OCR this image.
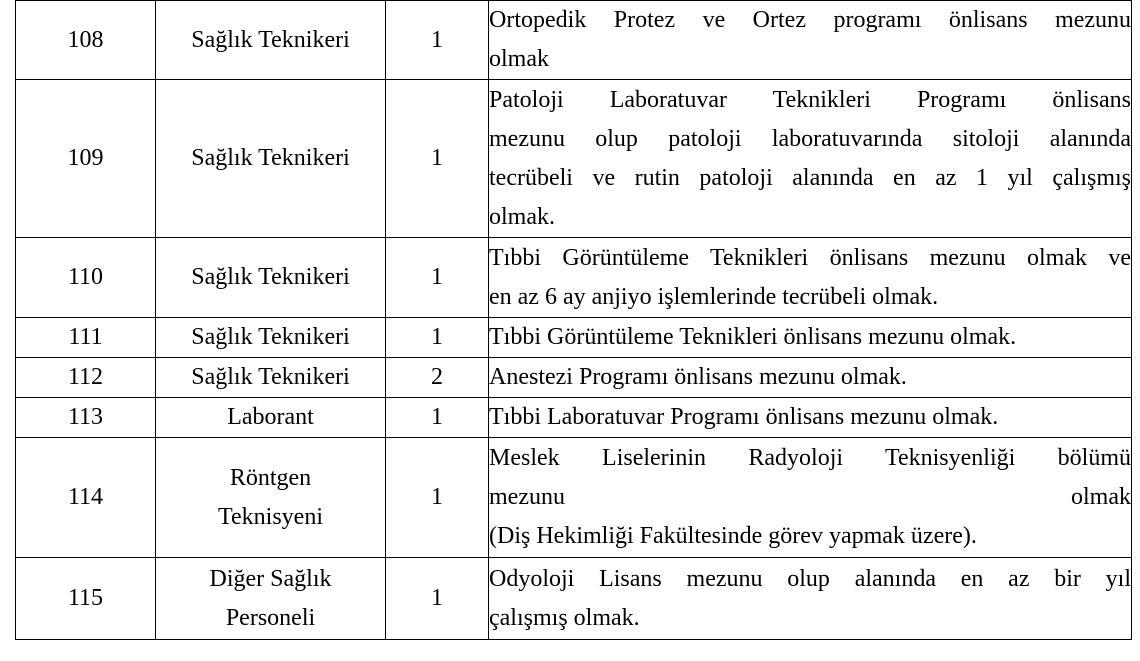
108	Sağlık Teknikeri	1	Ortopedik Protez ve Ortez programı önlisans mezunu
olmak

109	Sağlık Teknikeri	1	Patoloji Laboratuvar Teknikleri Programı önlisans
mezunu olup patoloji laboratuvarında sitoloji alanında
tecrübeli ve rutin patoloji alanında en az 1 yıl çalışmış
olmak.

110	Sağlık Teknikeri	1	Tıbbi Görüntüleme Teknikleri önlisans mezunu olmak ve
en az 6 ay anjiyo işlemlerinde tecrübeli olmak.

111	Sağlık Teknikeri	1	Tıbbi Görüntüleme Teknikleri önlisans mezunu olmak.

112	Sağlık Teknikeri	2	Anestezi Programı önlisans mezunu olmak.

113	Laborant	1	Tıbbi Laboratuvar Programı önlisans mezunu olmak.

114	Röntgen
Teknisyeni	1	Meslek Liselerinin Radyoloji Teknisyenliği bölümü
mezunu olmak
(Diş Hekimliği Fakültesinde görev yapmak üzere).

115	Diğer Sağlık
Personeli	1	Odyoloji Lisans mezunu olup alanında en az bir yıl
çalışmış olmak.
